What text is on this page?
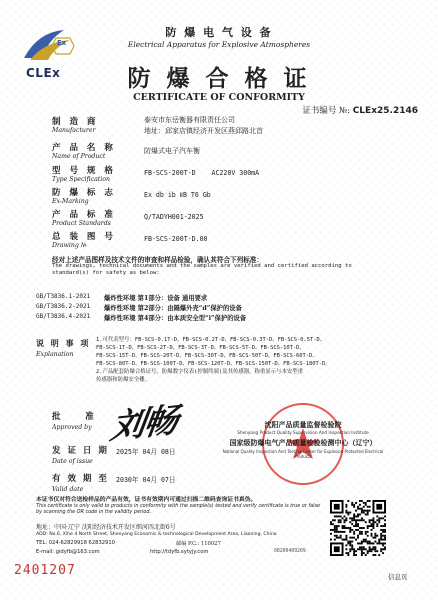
防 爆 电 气 设 备
Electrical Apparatus for Explosive Atmospheres
Ex
CLEx	防 爆 合 格 证
CERTIFICATE OF CONFORMITY
证书编号 №: CLEx25.2146
制 造 商
Manufacturer
泰安市东岳衡器有限责任公司
地址：邱家店镇经济开发区燕邱路北首
产 品 名 称
Name of Product
防爆式电子汽车衡
型 号 规 格
Type Specification
FB-SCS-200T-D    AC220V 300mA
防 爆 标 志
Ex-Marking
Ex db ib ⅡB T6 Gb
产 品 标 准
Product Standards
Q/TADYH001-2025
总 装 图 号
Drawing №
FB-SCS-200T-D.00
经对上述产品图样及技术文件的审查和样品检验，确认其符合下列标准：
The drawings, technical documents and the samples are verified and certified according to standard(s) for safety as below:
GB/T3836.1-2021 爆炸性环境 第1部分：设备 通用要求
GB/T3836.2-2021 爆炸性环境 第2部分：由隔爆外壳“d”保护的设备
GB/T3836.4-2021 爆炸性环境 第4部分：由本质安全型“i”保护的设备
说 明 事 项
Explanation
1.可代表型号：FB-SCS-0.1T-D、FB-SCS-0.2T-D、FB-SCS-0.3T-D、FB-SCS-0.5T-D、
FB-SCS-1T-D、FB-SCS-2T-D、FB-SCS-3T-D、FB-SCS-5T-D、FB-SCS-10T-D、
FB-SCS-15T-D、FB-SCS-20T-D、FB-SCS-30T-D、FB-SCS-50T-D、FB-SCS-60T-D、
FB-SCS-80T-D、FB-SCS-100T-D、FB-SCS-120T-D、FB-SCS-150T-D、FB-SCS-180T-D。
2.产品配套防爆合格证号，防爆数字仪表(控制终端)及其传感器，称重显示与本安型重
传感器和防爆安全栅。
批      准
Approved by 刘畅
发 证 日 期
Date of issue
2025年 04月 08日
有 效 期 至
Valid date
2030年 04月 07日
沈阳产品质量监督检验院
Shenyang Product Quality Supervision And Inspection Institute
国家级防爆电气产品质量检验检测中心（辽宁）
National Quality Inspection And Testing Center for Explosion Protected Electrical Products
本证书仅对符合送检样品的产品有效，证书有效期内可通过扫描二维码查询证书真伪。
This certificate is only valid to products in conformity with the sample(s) tested and verify certificate is true or false by scanning the QR code in the validity period.
地址：中国·辽宁 沈阳经济技术开发区细河四北街6号
ADD: No.6, Xihe 4 North Street, Shenyang Economic & technological Development Area, Liaoning, China
TEL: 024-62829918 62832910	邮编 P.C.: 110027
E-mail: gidyfb@163.com	http://tdyfb.sytyjy.com	08200409209
2401207	信息页
